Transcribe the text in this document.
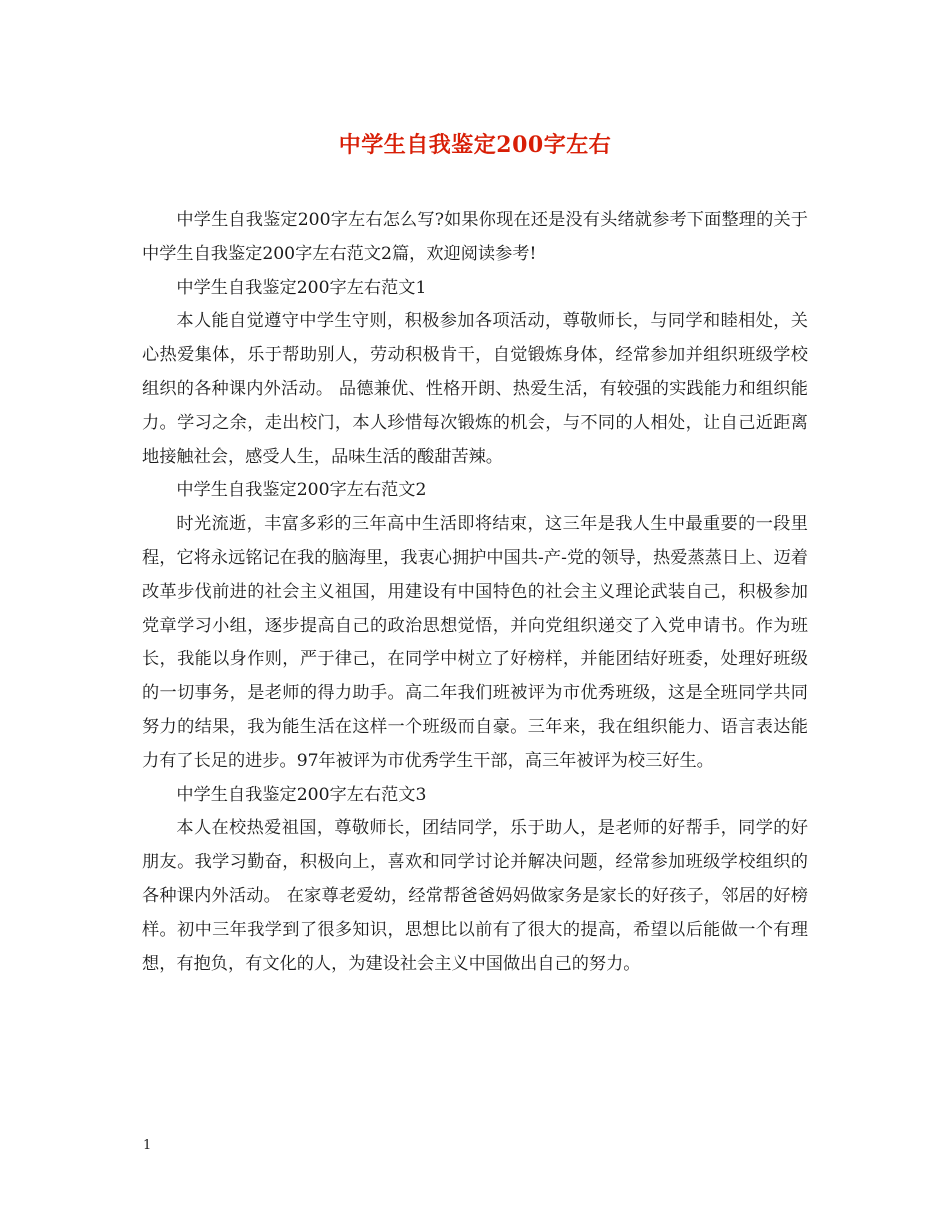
中学生自我鉴定200字左右

中学生自我鉴定200字左右怎么写?如果你现在还是没有头绪就参考下面整理的关于中学生自我鉴定200字左右范文2篇，欢迎阅读参考!

中学生自我鉴定200字左右范文1

本人能自觉遵守中学生守则，积极参加各项活动，尊敬师长，与同学和睦相处，关心热爱集体，乐于帮助别人，劳动积极肯干，自觉锻炼身体，经常参加并组织班级学校组织的各种课内外活动。 品德兼优、性格开朗、热爱生活，有较强的实践能力和组织能力。学习之余，走出校门，本人珍惜每次锻炼的机会，与不同的人相处，让自己近距离地接触社会，感受人生，品味生活的酸甜苦辣。

中学生自我鉴定200字左右范文2

时光流逝，丰富多彩的三年高中生活即将结束，这三年是我人生中最重要的一段里程，它将永远铭记在我的脑海里，我衷心拥护中国共-产-党的领导，热爱蒸蒸日上、迈着改革步伐前进的社会主义祖国，用建设有中国特色的社会主义理论武装自己，积极参加党章学习小组，逐步提高自己的政治思想觉悟，并向党组织递交了入党申请书。作为班长，我能以身作则，严于律己，在同学中树立了好榜样，并能团结好班委，处理好班级的一切事务，是老师的得力助手。高二年我们班被评为市优秀班级，这是全班同学共同努力的结果，我为能生活在这样一个班级而自豪。三年来，我在组织能力、语言表达能力有了长足的进步。97年被评为市优秀学生干部，高三年被评为校三好生。

中学生自我鉴定200字左右范文3

本人在校热爱祖国，尊敬师长，团结同学，乐于助人，是老师的好帮手，同学的好朋友。我学习勤奋，积极向上，喜欢和同学讨论并解决问题，经常参加班级学校组织的各种课内外活动。 在家尊老爱幼，经常帮爸爸妈妈做家务是家长的好孩子，邻居的好榜样。初中三年我学到了很多知识，思想比以前有了很大的提高，希望以后能做一个有理想，有抱负，有文化的人，为建设社会主义中国做出自己的努力。

1
